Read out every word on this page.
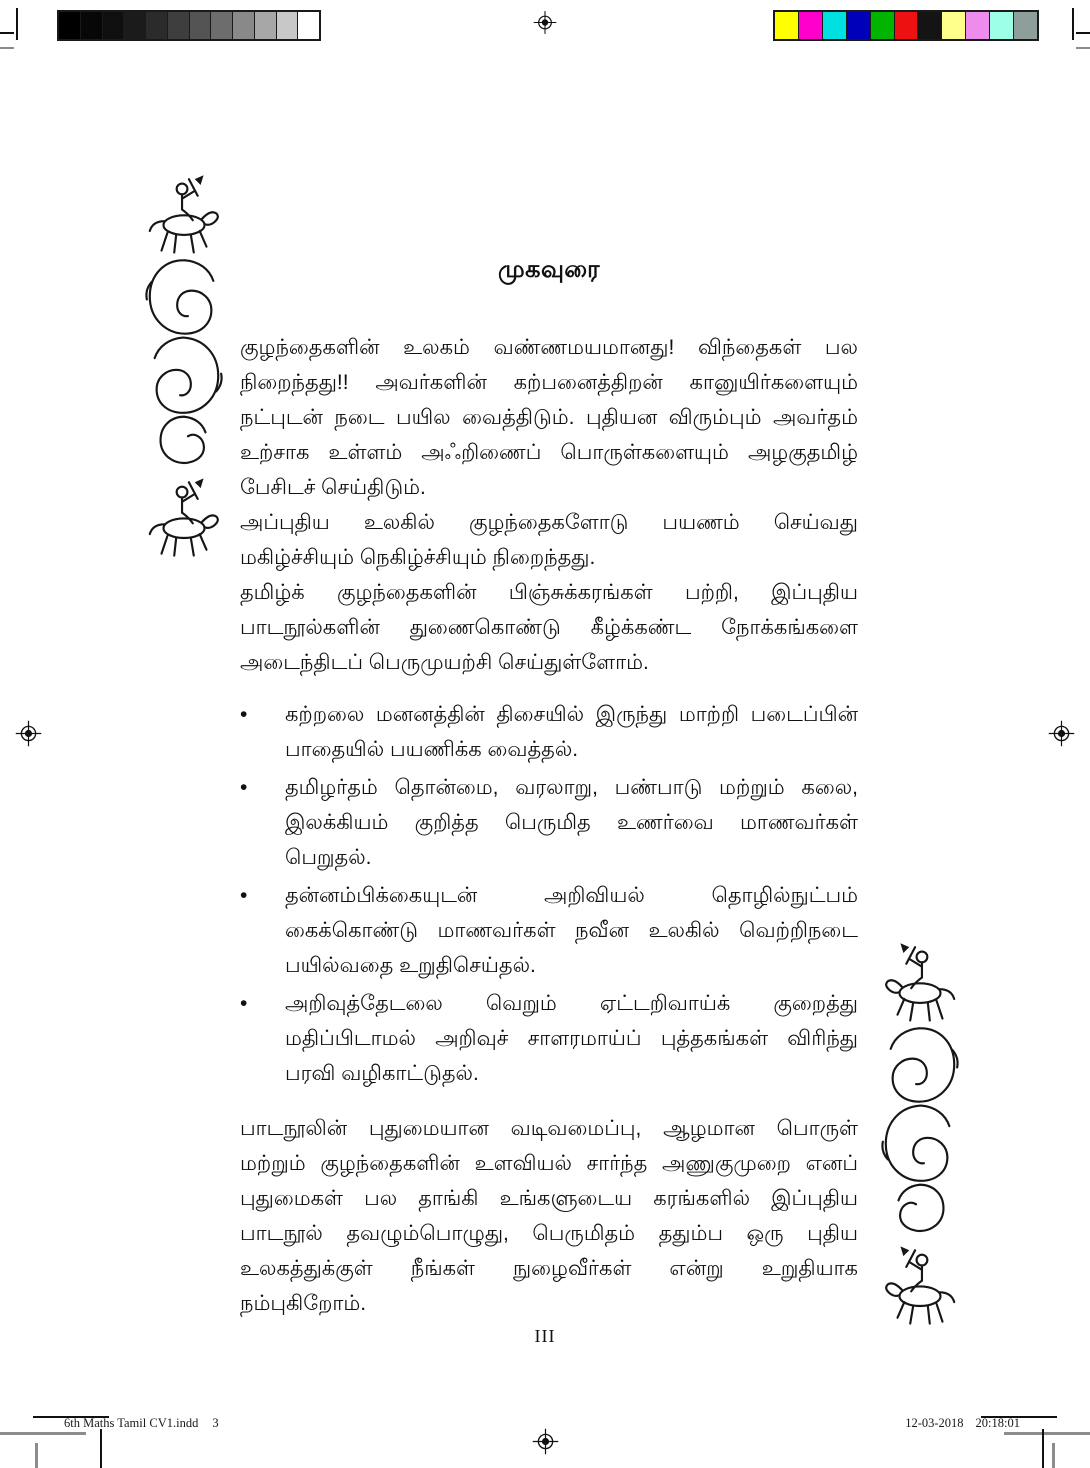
முகவுரை

குழந்தைகளின் உலகம் வண்ணமயமானது! விந்தைகள் பல நிறைந்தது!! அவர்களின் கற்பனைத்திறன் கானுயிர்களையும் நட்புடன் நடை பயில வைத்திடும். புதியன விரும்பும் அவர்தம் உற்சாக உள்ளம் அஃறிணைப் பொருள்களையும் அழகுதமிழ் பேசிடச் செய்திடும்.

அப்புதிய உலகில் குழந்தைகளோடு பயணம் செய்வது மகிழ்ச்சியும் நெகிழ்ச்சியும் நிறைந்தது.

தமிழ்க் குழந்தைகளின் பிஞ்சுக்கரங்கள் பற்றி, இப்புதிய பாடநூல்களின் துணைகொண்டு கீழ்க்கண்ட நோக்கங்களை அடைந்திடப் பெருமுயற்சி செய்துள்ளோம்.

•	கற்றலை மனனத்தின் திசையில் இருந்து மாற்றி படைப்பின் பாதையில் பயணிக்க வைத்தல்.
•	தமிழர்தம் தொன்மை, வரலாறு, பண்பாடு மற்றும் கலை, இலக்கியம் குறித்த பெருமித உணர்வை மாணவர்கள் பெறுதல்.
•	தன்னம்பிக்கையுடன் அறிவியல் தொழில்நுட்பம் கைக்கொண்டு மாணவர்கள் நவீன உலகில் வெற்றிநடை பயில்வதை உறுதிசெய்தல்.
•	அறிவுத்தேடலை வெறும் ஏட்டறிவாய்க் குறைத்து மதிப்பிடாமல் அறிவுச் சாளரமாய்ப் புத்தகங்கள் விரிந்து பரவி வழிகாட்டுதல்.

பாடநூலின் புதுமையான வடிவமைப்பு, ஆழமான பொருள் மற்றும் குழந்தைகளின் உளவியல் சார்ந்த அணுகுமுறை எனப் புதுமைகள் பல தாங்கி உங்களுடைய கரங்களில் இப்புதிய பாடநூல் தவழும்பொழுது, பெருமிதம் ததும்ப ஒரு புதிய உலகத்துக்குள் நீங்கள் நுழைவீர்கள் என்று உறுதியாக நம்புகிறோம்.

III
6th Maths Tamil CV1.indd 3	12-03-2018 20:18:01
